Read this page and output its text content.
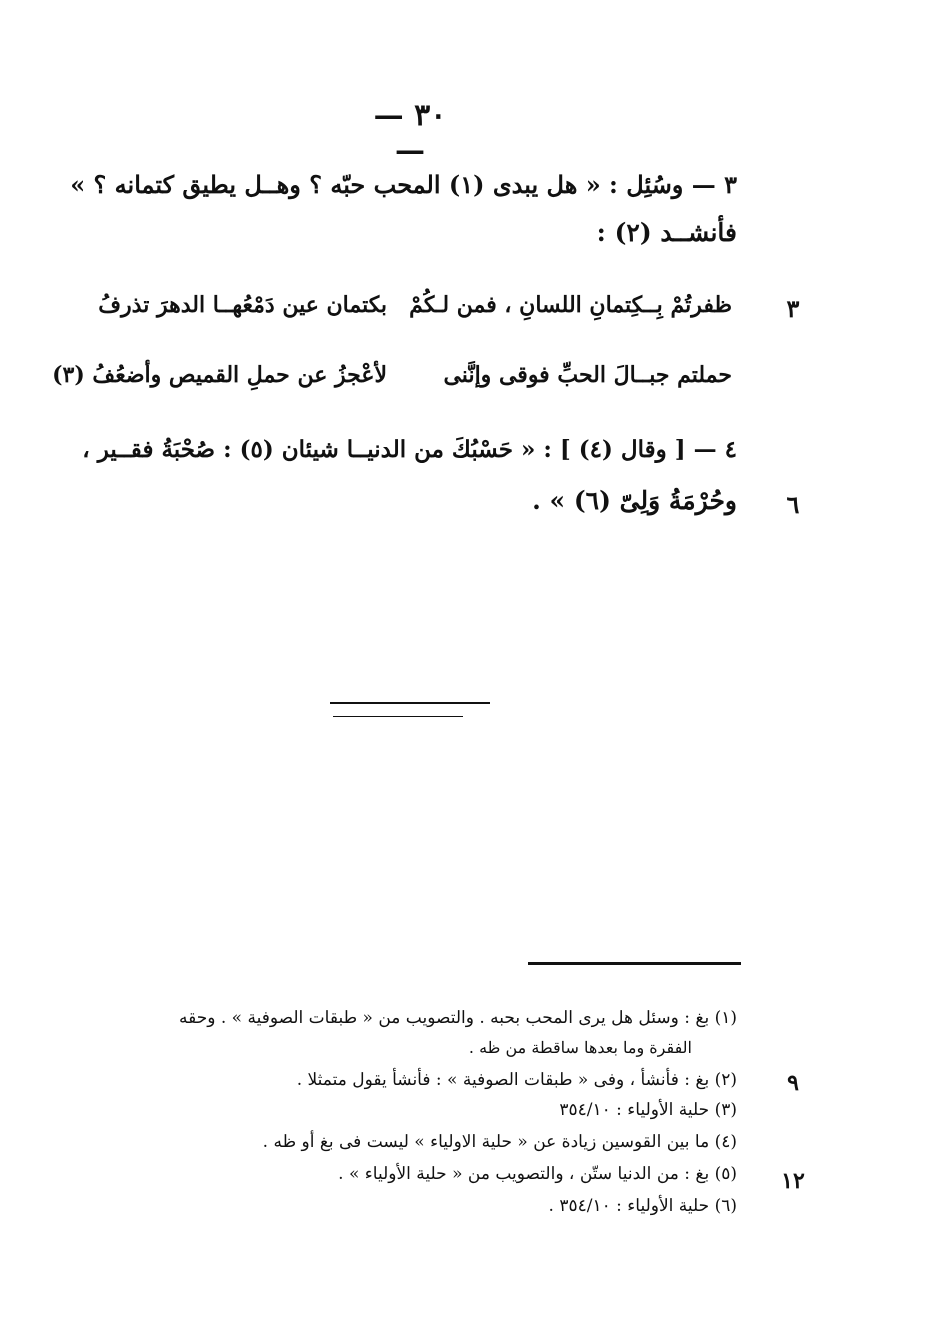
— ٣٠ —
٣ — وسُئِل : « هل يبدى (١) المحب حبّه ؟ وهــل يطيق كتمانه ؟ »
فأنشــد (٢) :
٣
ظفرتُمْ بِــكِتمانِ اللسانِ ، فمن لـكُمْ
بكتمان عين دَمْعُهــا الدهرَ تذرفُ
حملتم جبــالَ الحبِّ فوقى وإنَّنى
لأعْجزُ عن حملِ القميص وأضعُفُ (٣)
٤ — [ وقال (٤) ] : « حَسْبُكَ من الدنيــا شيئان (٥) : صُحْبَةُ فقــير ،
٦
وحُرْمَةُ وَلِىّ (٦) » .
(١) بغ : وسئل هل يرى المحب بحبه . والتصويب من « طبقات الصوفية » . وحقه
الفقرة وما بعدها ساقطة من ظه .
٩
(٢) بغ : فأنشأ ، وفى « طبقات الصوفية » : فأنشأ يقول متمثلا .
(٣) حلية الأولياء : ٣٥٤/١٠
(٤) ما بين القوسين زيادة عن « حلية الاولياء » ليست فى بغ أو ظه .
١٢
(٥) بغ : من الدنيا ستّن ، والتصويب من « حلية الأولياء » .
(٦) حلية الأولياء : ٣٥٤/١٠ .
